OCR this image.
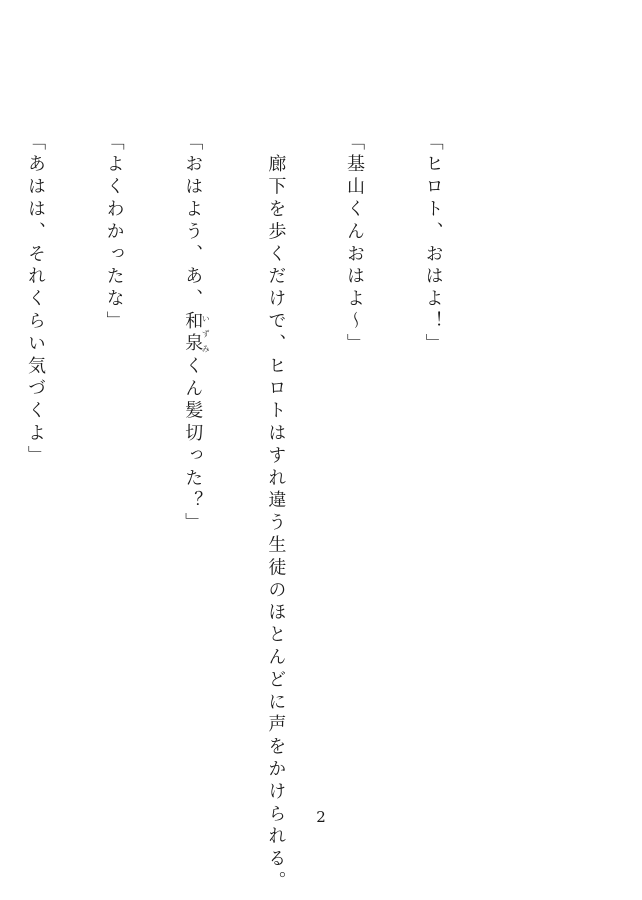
「ヒロト、おはよ！」

「基山くんおはよ〜」

　廊下を歩くだけで、ヒロトはすれ違う生徒のほとんどに声をかけられる。

「おはよう、あ、和泉いずみくん髪切った？」

「よくわかったな」

「あはは、それくらい気づくよ」

2
